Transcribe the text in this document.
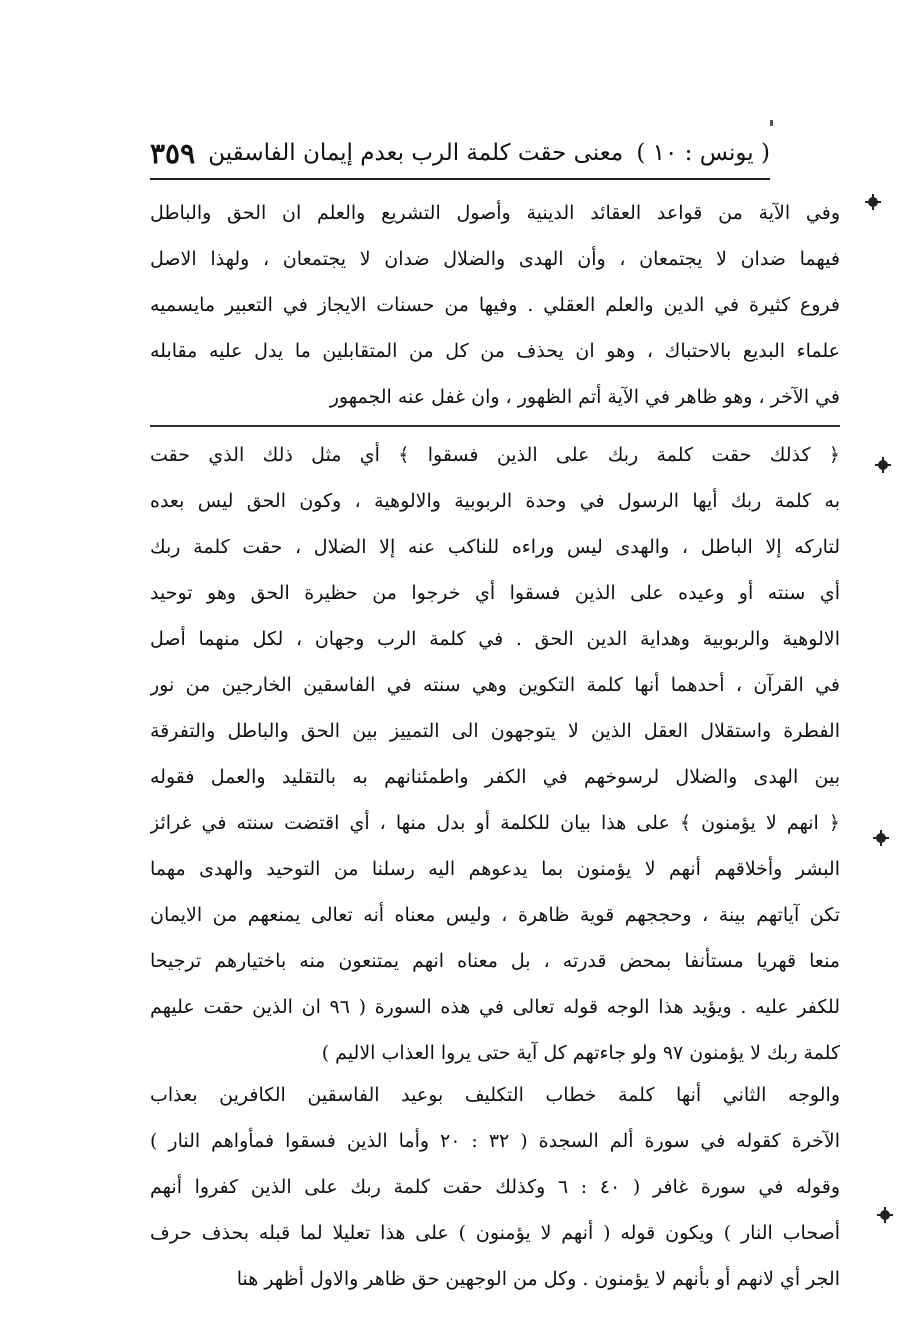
( يونس : ١٠ )
معنى حقت كلمة الرب بعدم إيمان الفاسقين
٣٥٩
وفي الآية من قواعد العقائد الدينية وأصول التشريع والعلم ان الحق والباطل
فيهما ضدان لا يجتمعان ، وأن الهدى والضلال ضدان لا يجتمعان ، ولهذا الاصل
فروع كثيرة في الدين والعلم العقلي . وفيها من حسنات الايجاز في التعبير مايسميه
علماء البديع بالاحتباك ، وهو ان يحذف من كل من المتقابلين ما يدل عليه مقابله
في الآخر ، وهو ظاهر في الآية أتم الظهور ، وان غفل عنه الجمهور
﴿ كذلك حقت كلمة ربك على الذين فسقوا ﴾ أي مثل ذلك الذي حقت
به كلمة ربك أيها الرسول في وحدة الربوبية والالوهية ، وكون الحق ليس بعده
لتاركه إلا الباطل ، والهدى ليس وراءه للناكب عنه إلا الضلال ، حقت كلمة ربك
أي سنته أو وعيده على الذين فسقوا أي خرجوا من حظيرة الحق وهو توحيد
الالوهية والربوبية وهداية الدين الحق . في كلمة الرب وجهان ، لكل منهما أصل
في القرآن ، أحدهما أنها كلمة التكوين وهي سنته في الفاسقين الخارجين من نور
الفطرة واستقلال العقل الذين لا يتوجهون الى التمييز بين الحق والباطل والتفرقة
بين الهدى والضلال لرسوخهم في الكفر واطمئنانهم به بالتقليد والعمل فقوله
﴿ انهم لا يؤمنون ﴾ على هذا بيان للكلمة أو بدل منها ، أي اقتضت سنته في غرائز
البشر وأخلاقهم أنهم لا يؤمنون بما يدعوهم اليه رسلنا من التوحيد والهدى مهما
تكن آياتهم بينة ، وحججهم قوية ظاهرة ، وليس معناه أنه تعالى يمنعهم من الايمان
منعا قهريا مستأنفا بمحض قدرته ، بل معناه انهم يمتنعون منه باختيارهم ترجيحا
للكفر عليه . ويؤيد هذا الوجه قوله تعالى في هذه السورة ( ٩٦ ان الذين حقت عليهم
كلمة ربك لا يؤمنون ٩٧ ولو جاءتهم كل آية حتى يروا العذاب الاليم )
والوجه الثاني أنها كلمة خطاب التكليف بوعيد الفاسقين الكافرين بعذاب
الآخرة كقوله في سورة ألم السجدة ( ٣٢ : ٢٠ وأما الذين فسقوا فمأواهم النار )
وقوله في سورة غافر ( ٤٠ : ٦ وكذلك حقت كلمة ربك على الذين كفروا أنهم
أصحاب النار ) ويكون قوله ( أنهم لا يؤمنون ) على هذا تعليلا لما قبله بحذف حرف
الجر أي لانهم أو بأنهم لا يؤمنون . وكل من الوجهين حق ظاهر والاول أظهر هنا
